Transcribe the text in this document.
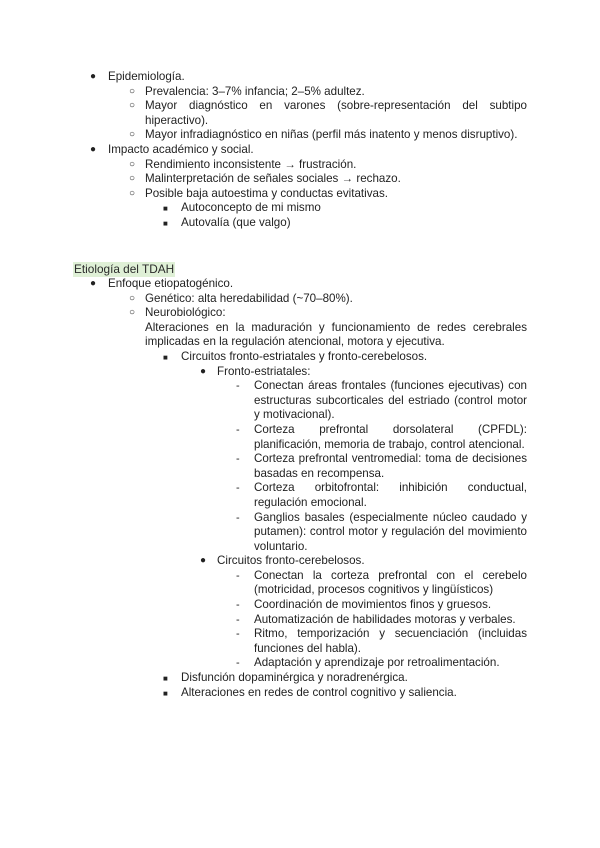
● Epidemiología.
○ Prevalencia: 3–7% infancia; 2–5% adultez.
○ Mayor diagnóstico en varones (sobre-representación del subtipo hiperactivo).
○ Mayor infradiagnóstico en niñas (perfil más inatento y menos disruptivo).
● Impacto académico y social.
○ Rendimiento inconsistente → frustración.
○ Malinterpretación de señales sociales → rechazo.
○ Posible baja autoestima y conductas evitativas.
■ Autoconcepto de mi mismo
■ Autovalía (que valgo)
Etiología del TDAH
● Enfoque etiopatogénico.
○ Genético: alta heredabilidad (~70–80%).
○ Neurobiológico:
Alteraciones en la maduración y funcionamiento de redes cerebrales implicadas en la regulación atencional, motora y ejecutiva.
■ Circuitos fronto-estriatales y fronto-cerebelosos.
● Fronto-estriatales:
- Conectan áreas frontales (funciones ejecutivas) con estructuras subcorticales del estriado (control motor y motivacional).
- Corteza prefrontal dorsolateral (CPFDL): planificación, memoria de trabajo, control atencional.
- Corteza prefrontal ventromedial: toma de decisiones basadas en recompensa.
- Corteza orbitofrontal: inhibición conductual, regulación emocional.
- Ganglios basales (especialmente núcleo caudado y putamen): control motor y regulación del movimiento voluntario.
● Circuitos fronto-cerebelosos.
- Conectan la corteza prefrontal con el cerebelo (motricidad, procesos cognitivos y lingüísticos)
- Coordinación de movimientos finos y gruesos.
- Automatización de habilidades motoras y verbales.
- Ritmo, temporización y secuenciación (incluidas funciones del habla).
- Adaptación y aprendizaje por retroalimentación.
■ Disfunción dopaminérgica y noradrenérgica.
■ Alteraciones en redes de control cognitivo y saliencia.
